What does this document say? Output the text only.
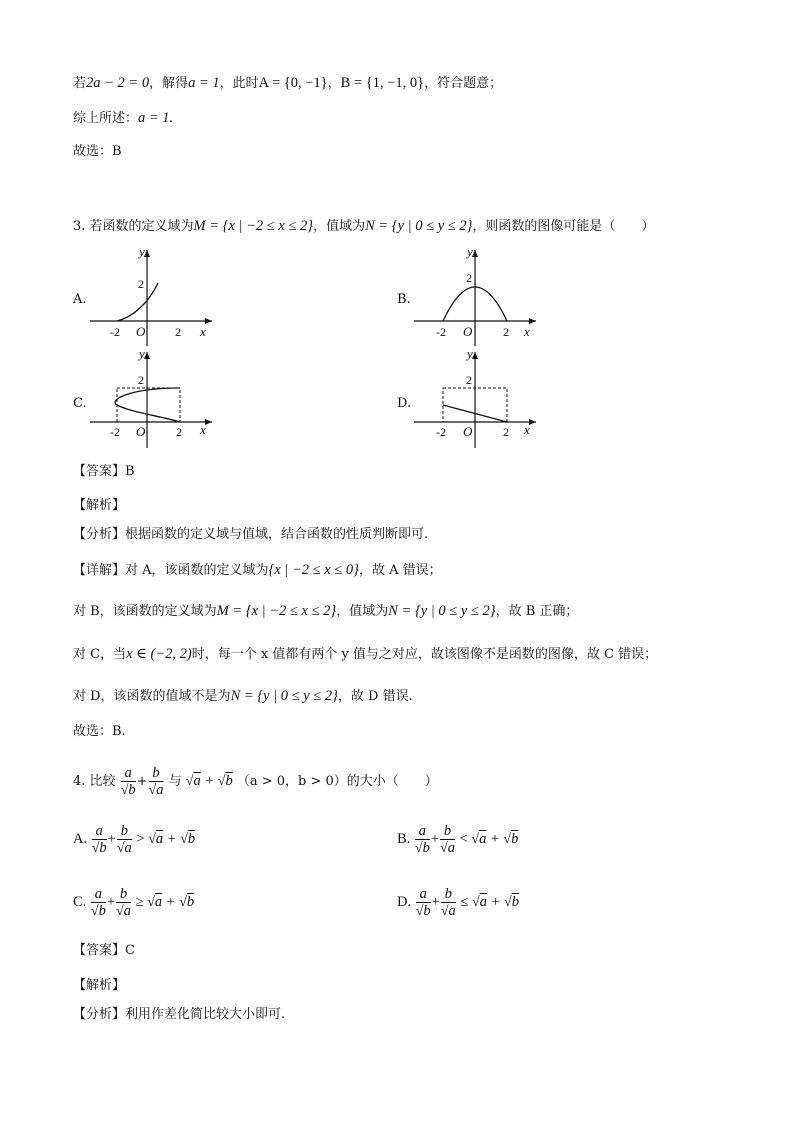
若2a − 2 = 0，解得a = 1，此时A = {0, −1}，B = {1, −1, 0}，符合题意；
综上所述：a = 1.
故选：B
3. 若函数的定义域为M = {x | −2 ≤ x ≤ 2}，值域为N = {y | 0 ≤ y ≤ 2}，则函数的图像可能是（　　）
A.	B.
C.	D.
y
2
-2 O 2 x
y
2
-2 O	2 x
y
2
-2 O	2 x
y
2
-2 O	2 x
【答案】B
【解析】
【分析】根据函数的定义域与值域，结合函数的性质判断即可.
【详解】对 A，该函数的定义域为{x | −2 ≤ x ≤ 0}，故 A 错误；
对 B，该函数的定义域为M = {x | −2 ≤ x ≤ 2}，值域为N = {y | 0 ≤ y ≤ 2}，故 B 正确；
对 C，当x ∈ (−2, 2)时，每一个 x 值都有两个 y 值与之对应，故该图像不是函数的图像，故 C 错误；
对 D，该函数的值域不是为N = {y | 0 ≤ y ≤ 2}，故 D 错误.
故选：B.
4. 比较 $\frac{a}{√b} + \frac{b}{√a}$ 与 √a + √b （a > 0，b > 0）的大小（　　）
A. $\frac{a}{√b} + \frac{b}{√a} > √a + √b$	B. $\frac{a}{√b} + \frac{b}{√a} < √a + √b$
C. $\frac{a}{√b} + \frac{b}{√a} \ge √a + √b$	D. $\frac{a}{√b} + \frac{b}{√a} \le √a + √b$
【答案】C
【解析】
【分析】利用作差化简比较大小即可.
